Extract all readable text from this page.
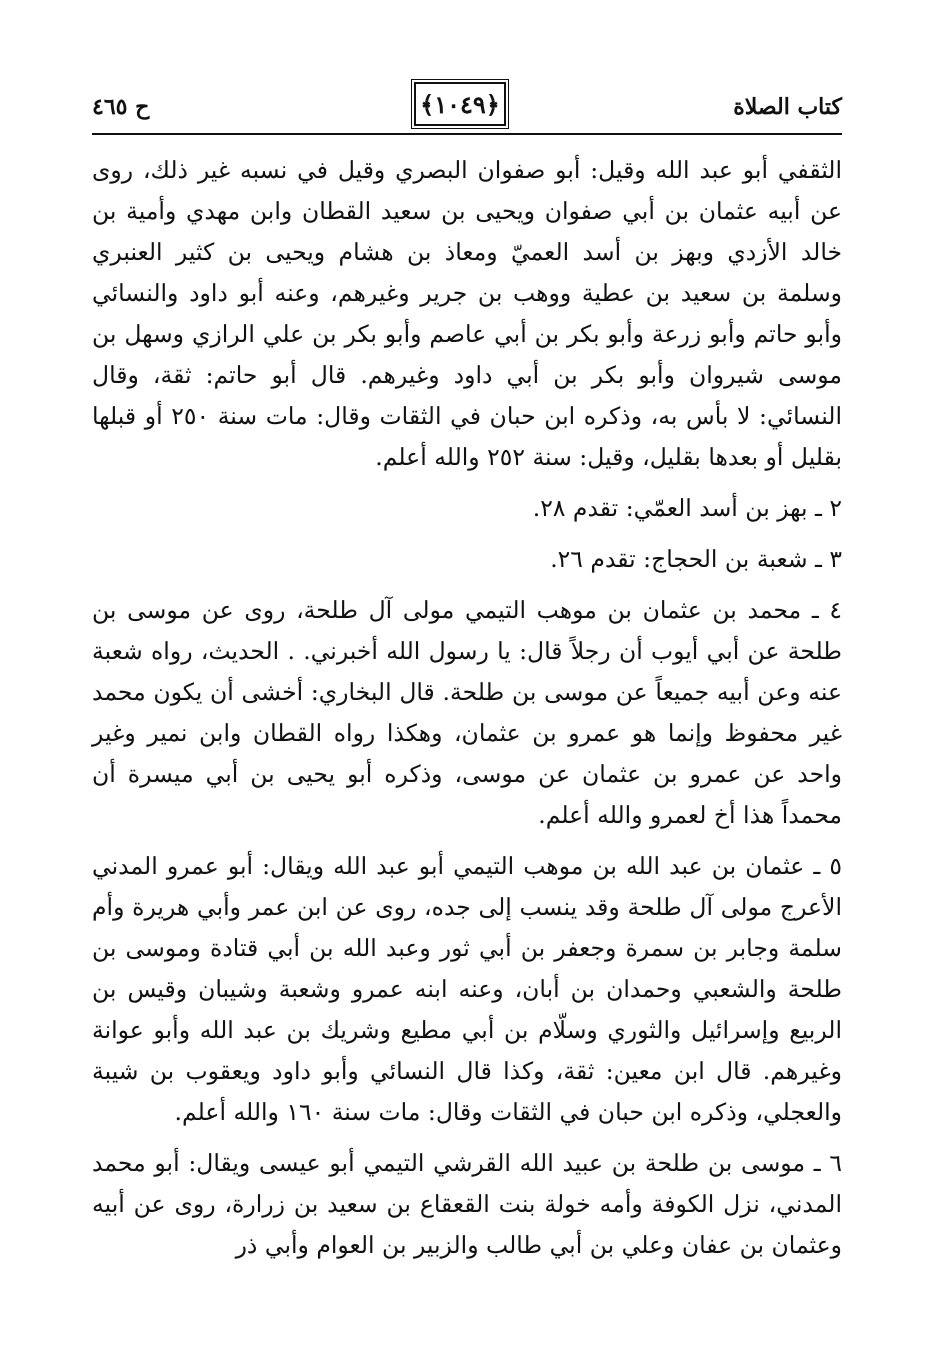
ح ٤٦٥	﴿١٠٤٩﴾	كتاب الصلاة

الثقفي أبو عبد الله وقيل: أبو صفوان البصري وقيل في نسبه غير ذلك، روى عن أبيه عثمان بن أبي صفوان ويحيى بن سعيد القطان وابن مهدي وأمية بن خالد الأزدي وبهز بن أسد العميّ ومعاذ بن هشام ويحيى بن كثير العنبري وسلمة بن سعيد بن عطية ووهب بن جرير وغيرهم، وعنه أبو داود والنسائي وأبو حاتم وأبو زرعة وأبو بكر بن أبي عاصم وأبو بكر بن علي الرازي وسهل بن موسى شيروان وأبو بكر بن أبي داود وغيرهم. قال أبو حاتم: ثقة، وقال النسائي: لا بأس به، وذكره ابن حبان في الثقات وقال: مات سنة ٢٥٠ أو قبلها بقليل أو بعدها بقليل، وقيل: سنة ٢٥٢ والله أعلم.

٢ ـ بهز بن أسد العمّي: تقدم ٢٨.

٣ ـ شعبة بن الحجاج: تقدم ٢٦.

٤ ـ محمد بن عثمان بن موهب التيمي مولى آل طلحة، روى عن موسى بن طلحة عن أبي أيوب أن رجلاً قال: يا رسول الله أخبرني. . الحديث، رواه شعبة عنه وعن أبيه جميعاً عن موسى بن طلحة. قال البخاري: أخشى أن يكون محمد غير محفوظ وإنما هو عمرو بن عثمان، وهكذا رواه القطان وابن نمير وغير واحد عن عمرو بن عثمان عن موسى، وذكره أبو يحيى بن أبي ميسرة أن محمداً هذا أخ لعمرو والله أعلم.

٥ ـ عثمان بن عبد الله بن موهب التيمي أبو عبد الله ويقال: أبو عمرو المدني الأعرج مولى آل طلحة وقد ينسب إلى جده، روى عن ابن عمر وأبي هريرة وأم سلمة وجابر بن سمرة وجعفر بن أبي ثور وعبد الله بن أبي قتادة وموسى بن طلحة والشعبي وحمدان بن أبان، وعنه ابنه عمرو وشعبة وشيبان وقيس بن الربيع وإسرائيل والثوري وسلّام بن أبي مطيع وشريك بن عبد الله وأبو عوانة وغيرهم. قال ابن معين: ثقة، وكذا قال النسائي وأبو داود ويعقوب بن شيبة والعجلي، وذكره ابن حبان في الثقات وقال: مات سنة ١٦٠ والله أعلم.

٦ ـ موسى بن طلحة بن عبيد الله القرشي التيمي أبو عيسى ويقال: أبو محمد المدني، نزل الكوفة وأمه خولة بنت القعقاع بن سعيد بن زرارة، روى عن أبيه وعثمان بن عفان وعلي بن أبي طالب والزبير بن العوام وأبي ذر
